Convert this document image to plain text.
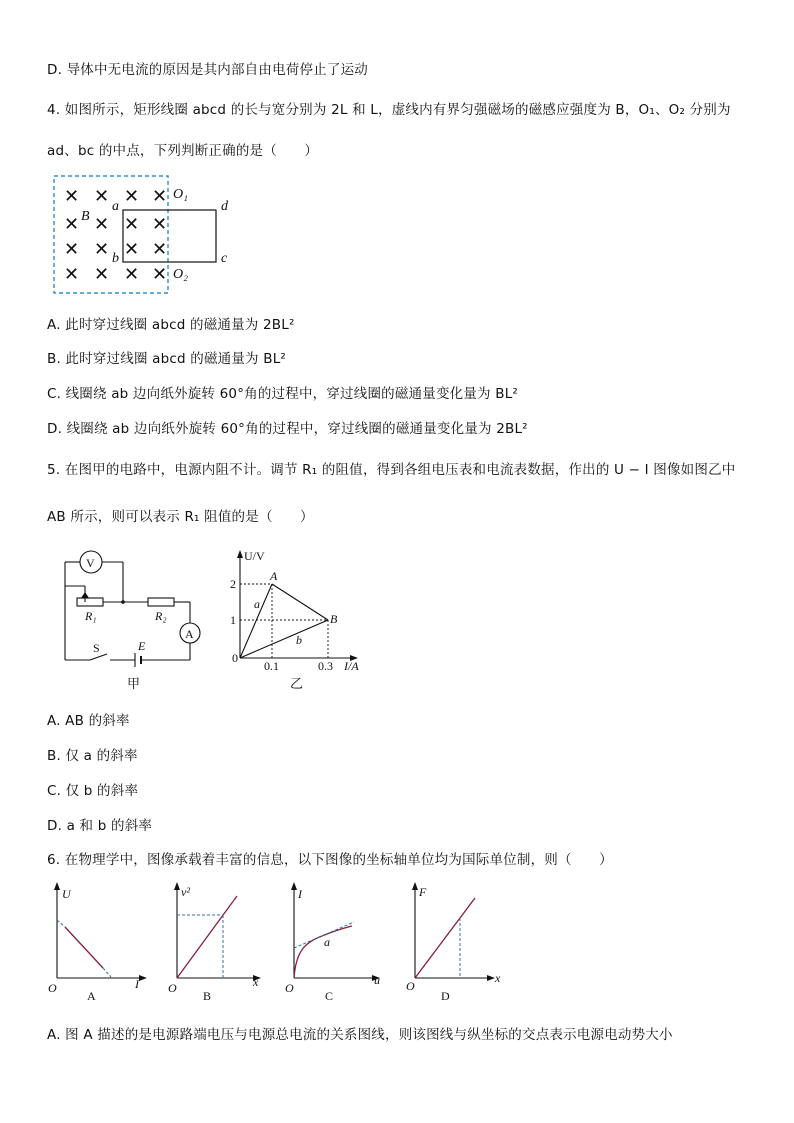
D. 导体中无电流的原因是其内部自由电荷停止了运动
4. 如图所示，矩形线圈 abcd 的长与宽分别为 2L 和 L，虚线内有界匀强磁场的磁感应强度为 B，O₁、O₂ 分别为
ad、bc 的中点，下列判断正确的是（　　）
✕ ✕ ✕ ✕
✕ ✕ ✕ ✕
✕ ✕ ✕ ✕
✕ ✕ ✕ ✕
B
a
b
d
c
O₁
O₂
A. 此时穿过线圈 abcd 的磁通量为 2BL²
B. 此时穿过线圈 abcd 的磁通量为 BL²
C. 线圈绕 ab 边向纸外旋转 60°角的过程中，穿过线圈的磁通量变化量为 BL²
D. 线圈绕 ab 边向纸外旋转 60°角的过程中，穿过线圈的磁通量变化量为 2BL²
5. 在图甲的电路中，电源内阻不计。调节 R₁ 的阻值，得到各组电压表和电流表数据，作出的 U − I 图像如图乙中
AB 所示，则可以表示 R₁ 阻值的是（　　）
V
A
R₁	R₂
S	E
甲
U/V
I/A
2
1
0.1	0.3
0
A
B
a
b
乙
A. AB 的斜率
B. 仅 a 的斜率
C. 仅 b 的斜率
D. a 和 b 的斜率
6. 在物理学中，图像承载着丰富的信息，以下图像的坐标轴单位均为国际单位制，则（　　）
U
I
O
A
v²
x
O
B
I
u
O
a
C
F
x
O
D
A. 图 A 描述的是电源路端电压与电源总电流的关系图线，则该图线与纵坐标的交点表示电源电动势大小
